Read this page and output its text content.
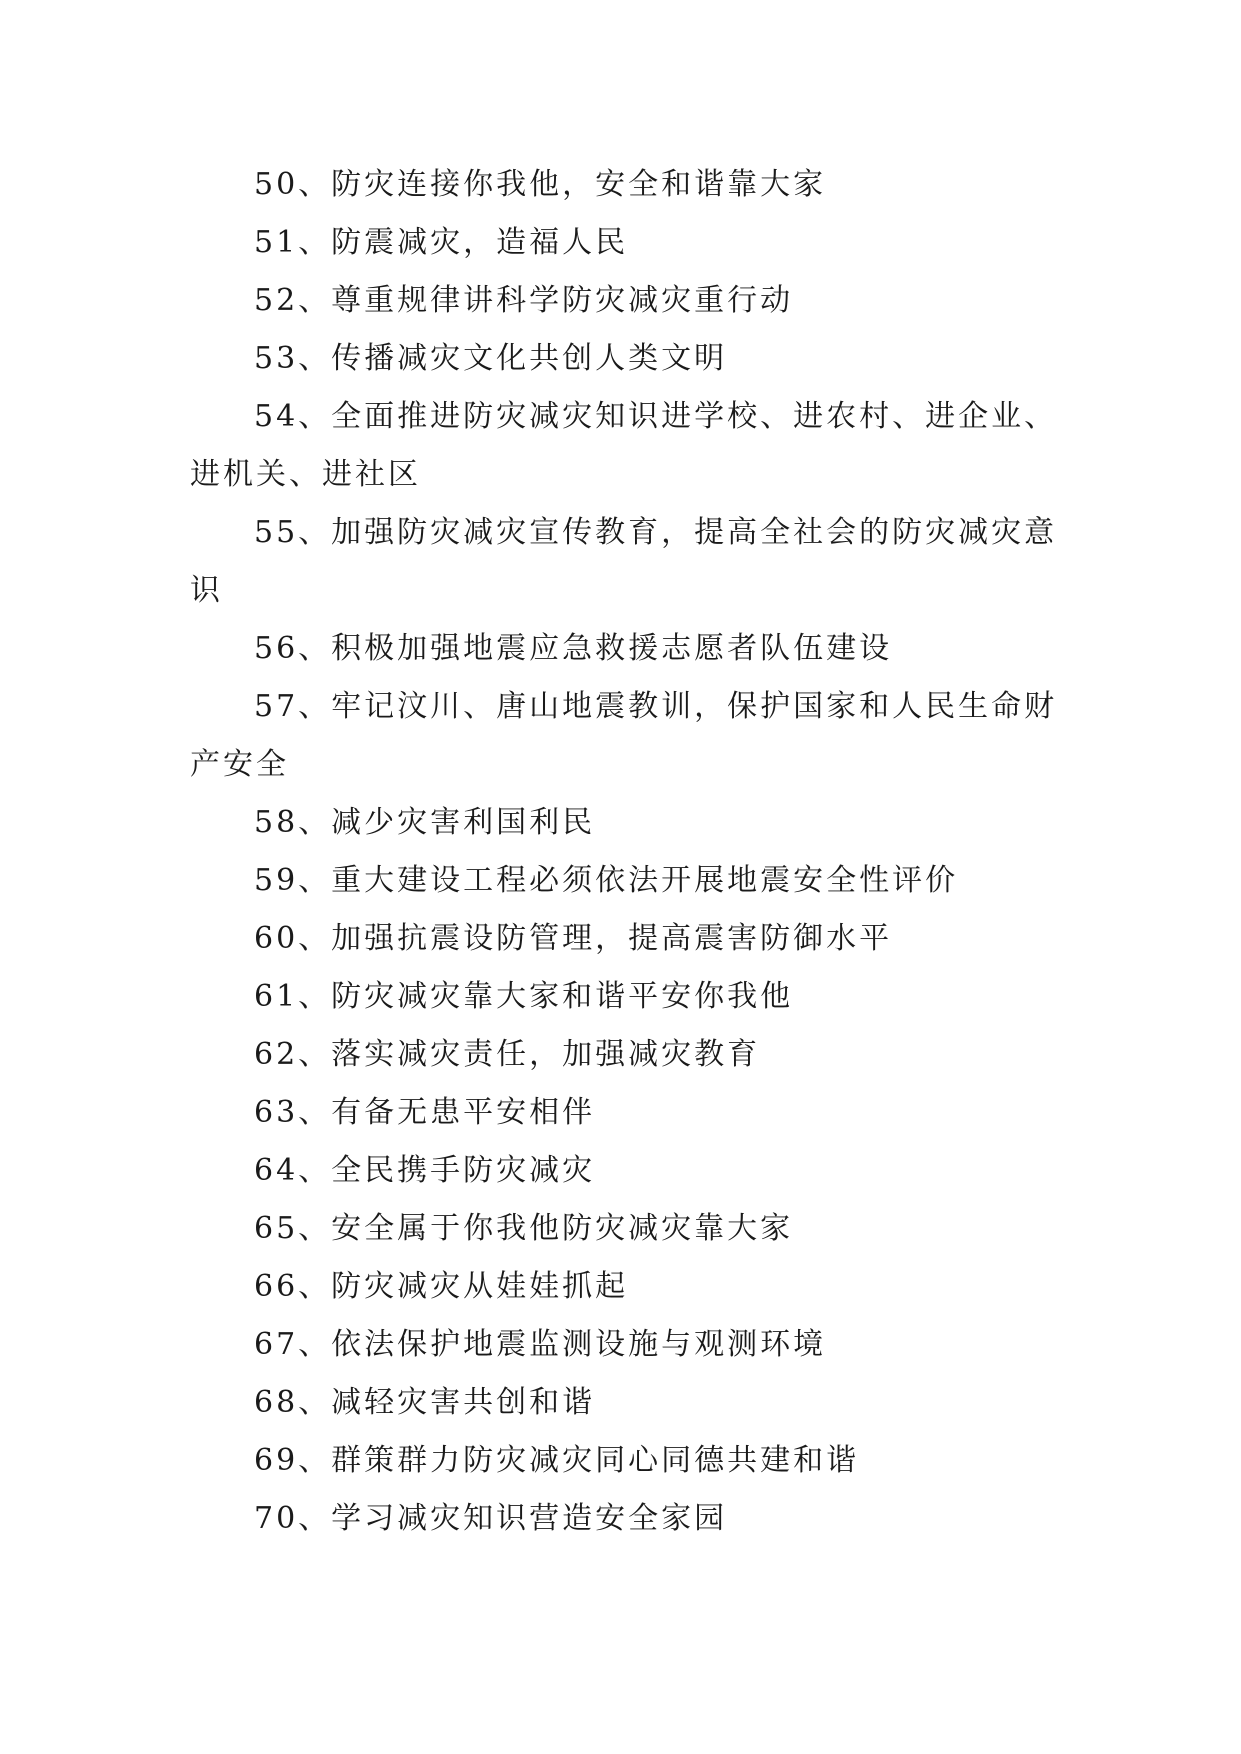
50、防灾连接你我他，安全和谐靠大家

51、防震减灾，造福人民

52、尊重规律讲科学防灾减灾重行动

53、传播减灾文化共创人类文明

54、全面推进防灾减灾知识进学校、进农村、进企业、进机关、进社区

55、加强防灾减灾宣传教育，提高全社会的防灾减灾意识

56、积极加强地震应急救援志愿者队伍建设

57、牢记汶川、唐山地震教训，保护国家和人民生命财产安全

58、减少灾害利国利民

59、重大建设工程必须依法开展地震安全性评价

60、加强抗震设防管理，提高震害防御水平

61、防灾减灾靠大家和谐平安你我他

62、落实减灾责任，加强减灾教育

63、有备无患平安相伴

64、全民携手防灾减灾

65、安全属于你我他防灾减灾靠大家

66、防灾减灾从娃娃抓起

67、依法保护地震监测设施与观测环境

68、减轻灾害共创和谐

69、群策群力防灾减灾同心同德共建和谐

70、学习减灾知识营造安全家园
